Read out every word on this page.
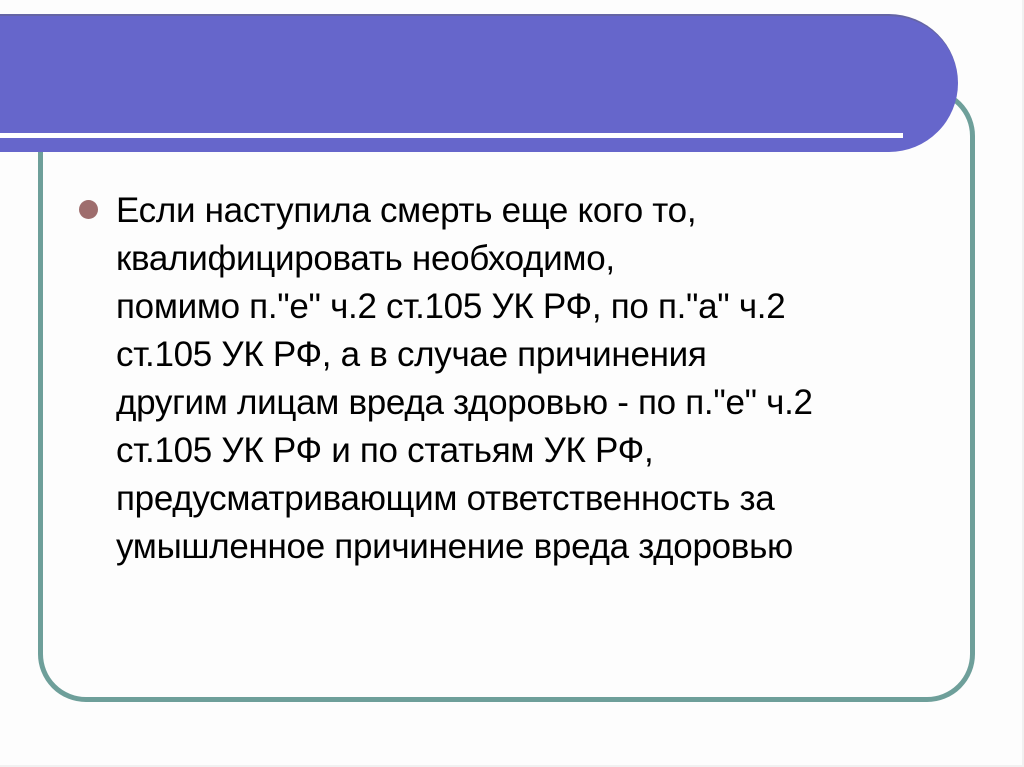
Если наступила смерть еще кого то,
квалифицировать необходимо,
помимо п."е" ч.2 ст.105 УК РФ, по п."а" ч.2
ст.105 УК РФ, а в случае причинения
другим лицам вреда здоровью - по п."е" ч.2
ст.105 УК РФ и по статьям УК РФ,
предусматривающим ответственность за
умышленное причинение вреда здоровью
